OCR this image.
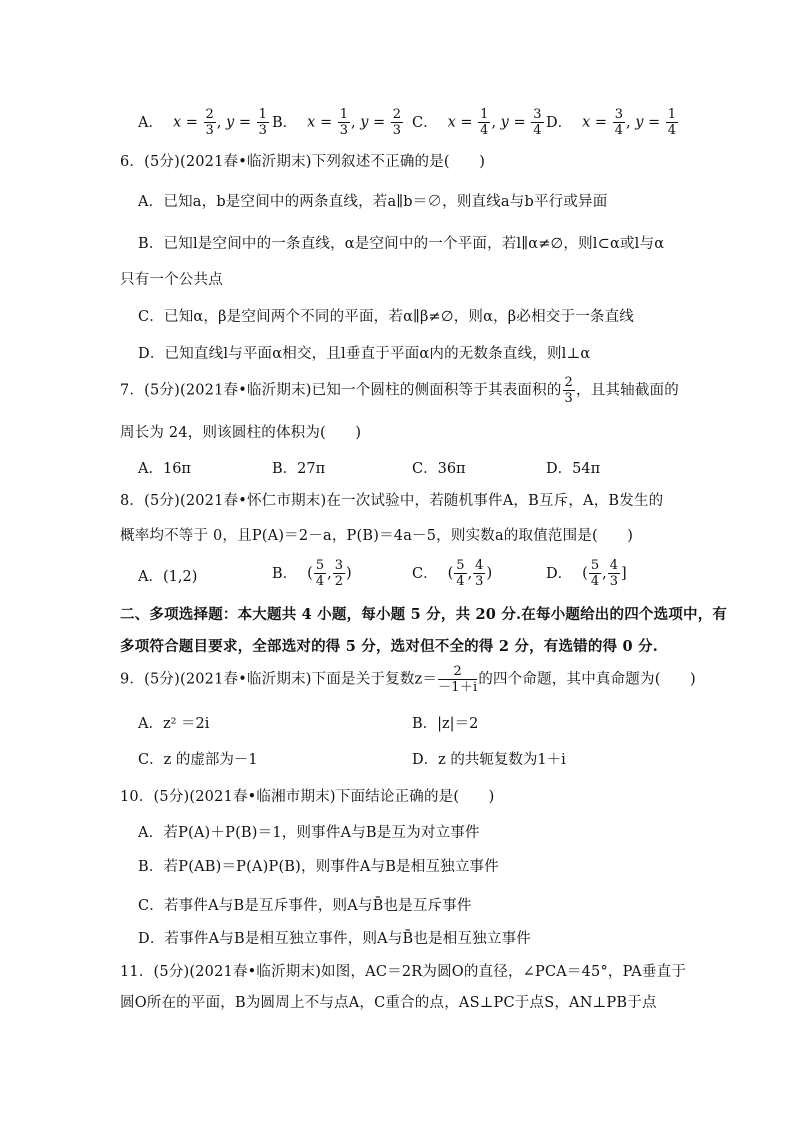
A． $x = \frac{2}{3}$ , $y = \frac{1}{3}$ B． $x = \frac{1}{3}$ , $y = \frac{2}{3}$ C． $x = \frac{1}{4}$ , $y = \frac{3}{4}$ D． $x = \frac{3}{4}$ , $y = \frac{1}{4}$
6．(5分)(2021春•临沂期末)下列叙述不正确的是(　　)
A．已知a，b是空间中的两条直线，若a∥b＝∅，则直线a与b平行或异面
B．已知l是空间中的一条直线，α是空间中的一个平面，若l∥α≠∅，则l⊂α或l与α
只有一个公共点
C．已知α，β是空间两个不同的平面，若α∥β≠∅，则α，β必相交于一条直线
D．已知直线l与平面α相交，且l垂直于平面α内的无数条直线，则l⊥α
7．(5分)(2021春•临沂期末)已知一个圆柱的侧面积等于其表面积的 $\frac{2}{3}$ ，且其轴截面的
周长为 24，则该圆柱的体积为(　　)
A．16π	B．27π	C．36π	D．54π
8．(5分)(2021春•怀仁市期末)在一次试验中，若随机事件A，B互斥，A，B发生的
概率均不等于 0，且P(A)＝2－a，P(B)＝4a－5，则实数a的取值范围是(　　)
A．(1,2)	B． ( $\frac{5}{4}$ , $\frac{3}{2}$ )	C． ( $\frac{5}{4}$ , $\frac{4}{3}$ )	D． ( $\frac{5}{4}$ , $\frac{4}{3}$ ]
二、多项选择题：本大题共 4 小题，每小题 5 分，共 20 分.在每小题给出的四个选项中，有
多项符合题目要求，全部选对的得 5 分，选对但不全的得 2 分，有选错的得 0 分.
9．(5分)(2021春•临沂期末)下面是关于复数$z= \frac{2}{-1+i}$ 的四个命题，其中真命题为(　　)
A．z² ＝2i	B．|z|＝2
C．z 的虚部为－1	D．z 的共轭复数为1＋i
10．(5分)(2021春•临湘市期末)下面结论正确的是(　　)
A．若P(A)＋P(B)＝1，则事件A与B是互为对立事件
B．若P(AB)＝P(A)P(B)，则事件A与B是相互独立事件
C．若事件A与B是互斥事件，则A与B̄也是互斥事件
D．若事件A与B是相互独立事件，则A与B̄也是相互独立事件
11．(5分)(2021春•临沂期末)如图，AC＝2R为圆O的直径，∠PCA＝45°，PA垂直于
圆O所在的平面，B为圆周上不与点A，C重合的点，AS⊥PC于点S，AN⊥PB于点
